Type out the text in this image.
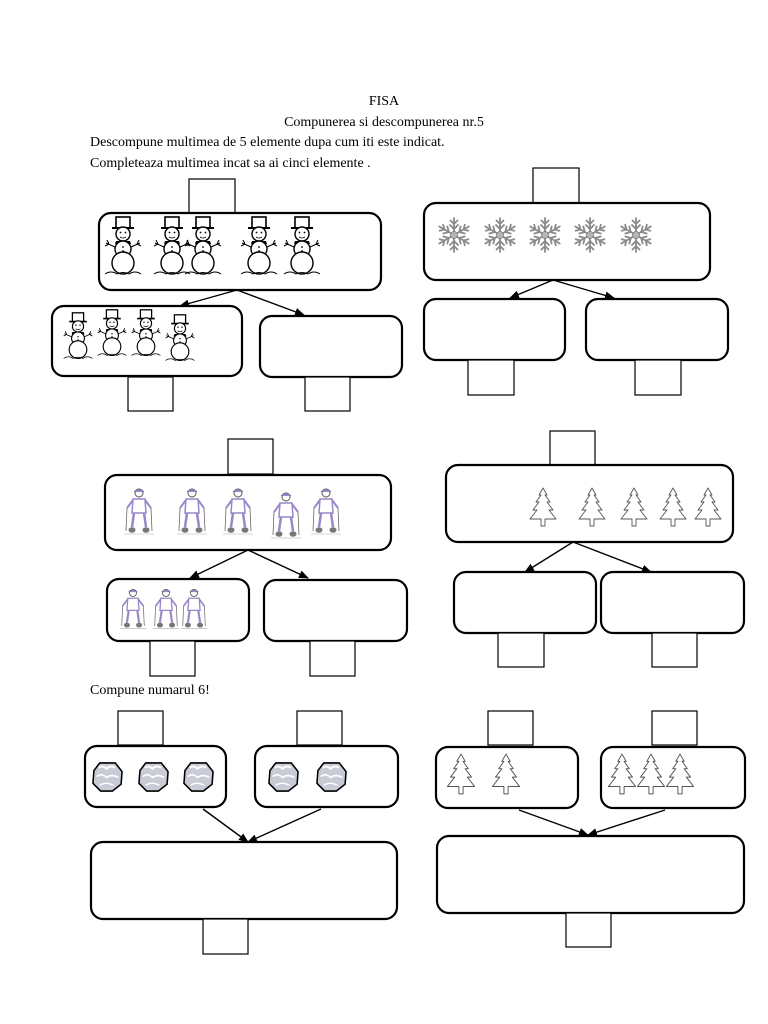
FISA
Compunerea si descompunerea nr.5
Descompune multimea de 5 elemente dupa cum iti este indicat.
Completeaza multimea incat sa ai cinci elemente .
Compune numarul 6!
